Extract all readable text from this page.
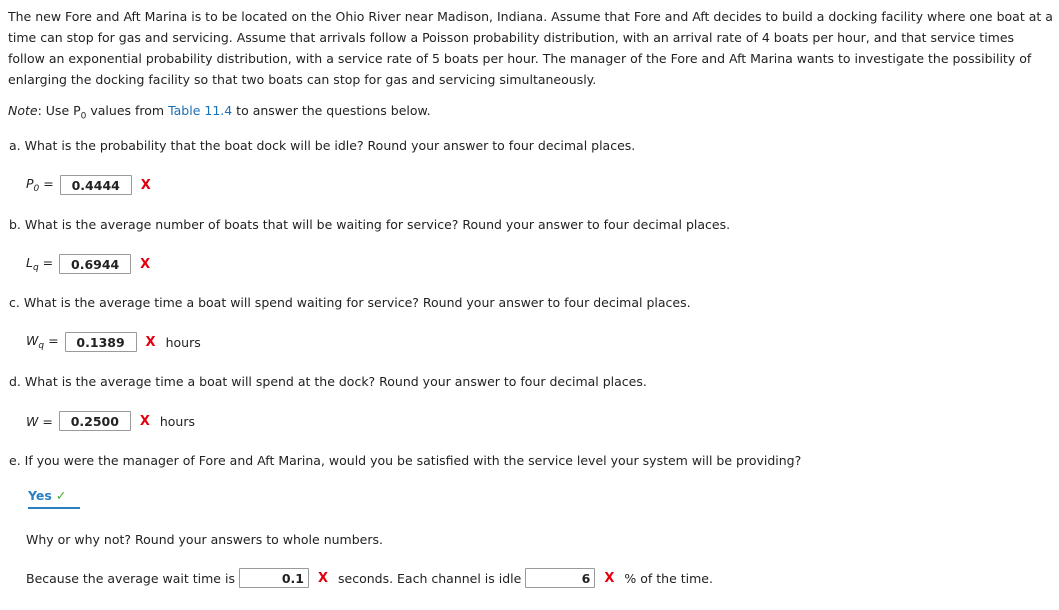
The new Fore and Aft Marina is to be located on the Ohio River near Madison, Indiana. Assume that Fore and Aft decides to build a docking facility where one boat at a time can stop for gas and servicing. Assume that arrivals follow a Poisson probability distribution, with an arrival rate of 4 boats per hour, and that service times follow an exponential probability distribution, with a service rate of 5 boats per hour. The manager of the Fore and Aft Marina wants to investigate the possibility of enlarging the docking facility so that two boats can stop for gas and servicing simultaneously.
Note: Use $P_0$ values from Table 11.4 to answer the questions below.
a. What is the probability that the boat dock will be idle? Round your answer to four decimal places.
$P_0$ =	0.4444	X
b. What is the average number of boats that will be waiting for service? Round your answer to four decimal places.
$L_q$ =	0.6944	X
c. What is the average time a boat will spend waiting for service? Round your answer to four decimal places.
$W_q$ =	0.1389	X hours
d. What is the average time a boat will spend at the dock? Round your answer to four decimal places.
W =	0.2500	X hours
e. If you were the manager of Fore and Aft Marina, would you be satisfied with the service level your system will be providing?
Yes ✓
Why or why not? Round your answers to whole numbers.
Because the average wait time is	0.1	X seconds. Each channel is idle	6	X % of the time.
